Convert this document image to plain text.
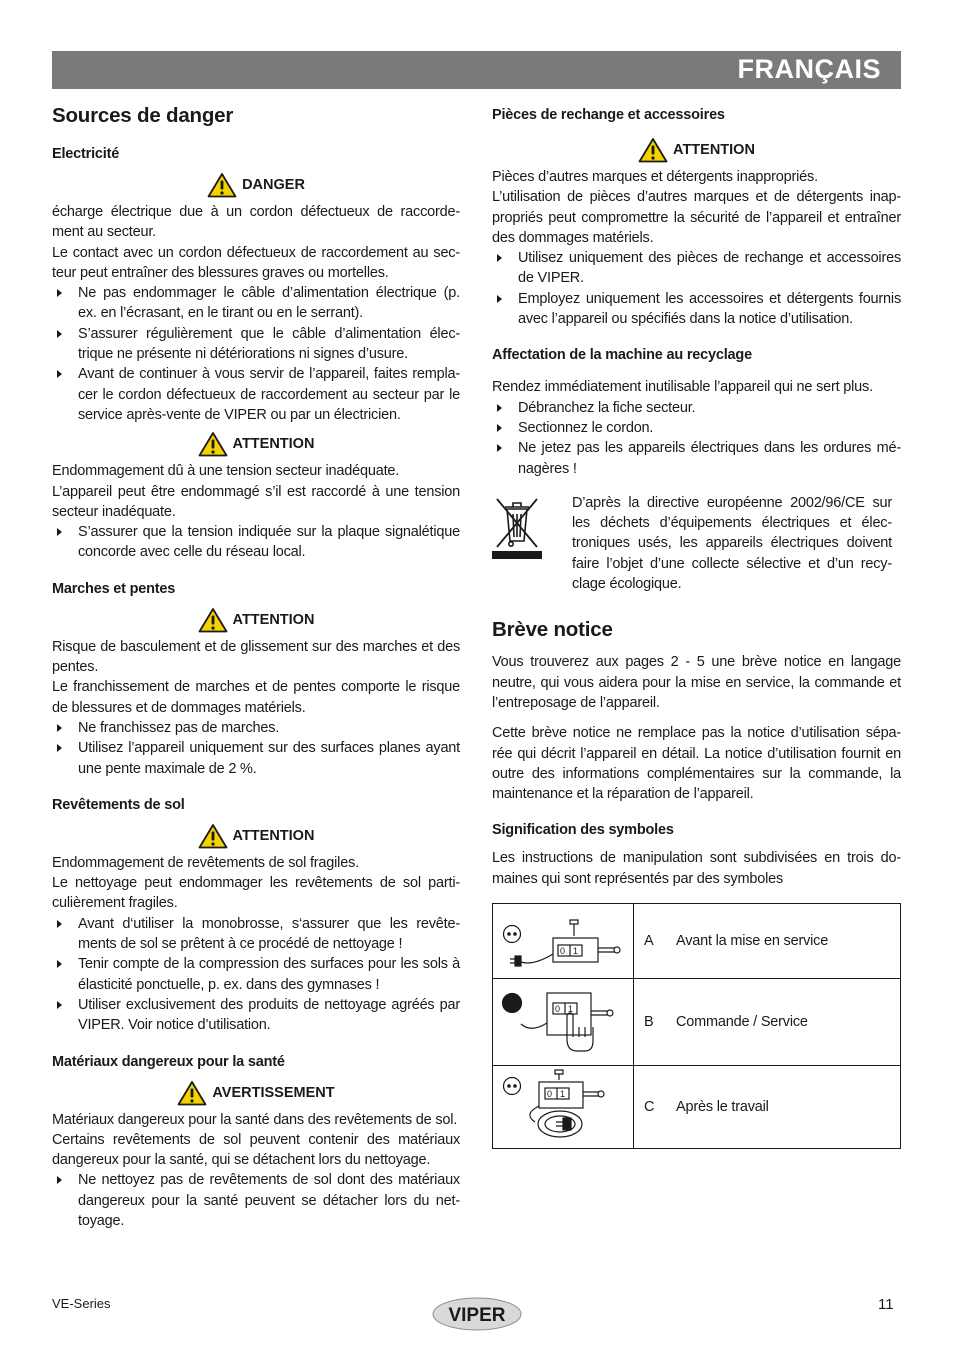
FRANÇAIS
Sources de danger
Electricité
DANGER

écharge électrique due à un cordon défectueux de raccorde-ment au secteur.

Le contact avec un cordon défectueux de raccordement au sec-teur peut entraîner des blessures graves ou mortelles.

Ne pas endommager le câble d’alimentation électrique (p. ex. en l’écrasant, en le tirant ou en le serrant).
S’assurer régulièrement que le câble d’alimentation élec-trique ne présente ni détériorations ni signes d’usure.
Avant de continuer à vous servir de l’appareil, faites rempla-cer le cordon défectueux de raccordement au secteur par le service après-vente de VIPER ou par un électricien.
ATTENTION

Endommagement dû à une tension secteur inadéquate.

L’appareil peut être endommagé s’il est raccordé à une tension secteur inadéquate.

S’assurer que la tension indiquée sur la plaque signalétique concorde avec celle du réseau local.
Marches et pentes
ATTENTION

Risque de basculement et de glissement sur des marches et des pentes.

Le franchissement de marches et de pentes comporte le risque de blessures et de dommages matériels.

Ne franchissez pas de marches.
Utilisez l’appareil uniquement sur des surfaces planes ayant une pente maximale de 2 %.
Revêtements de sol
ATTENTION

Endommagement de revêtements de sol fragiles.

Le nettoyage peut endommager les revêtements de sol parti-culièrement fragiles.

Avant d‘utiliser la monobrosse, s‘assurer que les revête-ments de sol se prêtent à ce procédé de nettoyage !
Tenir compte de la compression des surfaces pour les sols à élasticité ponctuelle, p. ex. dans des gymnases !
Utiliser exclusivement des produits de nettoyage agréés par VIPER. Voir notice d’utilisation.
Matériaux dangereux pour la santé
AVERTISSEMENT

Matériaux dangereux pour la santé dans des revêtements de sol.

Certains revêtements de sol peuvent contenir des matériaux dangereux pour la santé, qui se détachent lors du nettoyage.

Ne nettoyez pas de revêtements de sol dont des matériaux dangereux pour la santé peuvent se détacher lors du net-toyage.
Pièces de rechange et accessoires
ATTENTION

Pièces d’autres marques et détergents inappropriés.

L’utilisation de pièces d’autres marques et de détergents inap-propriés peut compromettre la sécurité de l’appareil et entraîner des dommages matériels.

Utilisez uniquement des pièces de rechange et accessoires de VIPER.
Employez uniquement les accessoires et détergents fournis avec l’appareil ou spécifiés dans la notice d’utilisation.
Affectation de la machine au recyclage

Rendez immédiatement inutilisable l’appareil qui ne sert plus.

Débranchez la fiche secteur.
Sectionnez le cordon.
Ne jetez pas les appareils électriques dans les ordures mé-nagères !

D’après la directive européenne 2002/96/CE sur les déchets d’équipements électriques et élec-troniques usés, les appareils électriques doivent faire l’objet d’une collecte sélective et d’un recy-clage écologique.

Brève notice

Vous trouverez aux pages 2 - 5 une brève notice en langage neutre, qui vous aidera pour la mise en service, la commande et l’entreposage de l’appareil.

Cette brève notice ne remplace pas la notice d’utilisation sépa-rée qui décrit l’appareil en détail. La notice d’utilisation fournit en outre des informations complémentaires sur la commande, la maintenance et la réparation de l’appareil.

Signification des symboles

Les instructions de manipulation sont subdivisées en trois do-maines qui sont représentés par des symboles

0 1	A Avant la mise en service

0 1	B Commande / Service

0 1	C Après le travail
VE-Series
VIPER
11
